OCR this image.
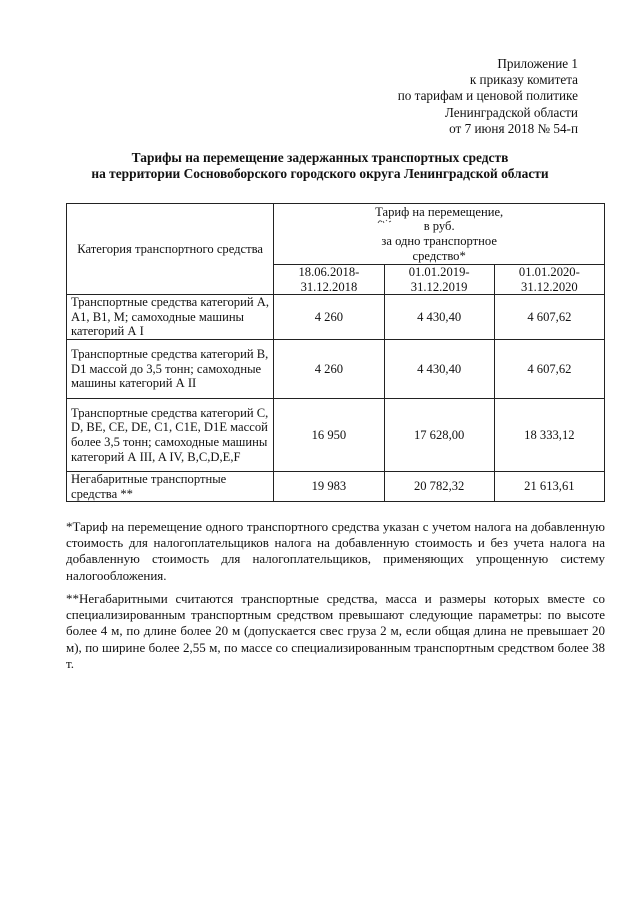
Приложение 1
к приказу комитета
по тарифам и ценовой политике
Ленинградской области
от 7 июня 2018 № 54-п
Тарифы на перемещение задержанных транспортных средств
на территории Сосновоборского городского округа Ленинградской области
Категория транспортного средства	Тариф на перемещение,
в руб.
за одно транспортное
средство*		

	18.06.2018-31.12.2018	01.01.2019-31.12.2019	01.01.2020-31.12.2020
Транспортные средства категорий A, A1, B1, M; самоходные машины категорий А I	4 260	4 430,40	4 607,62
Транспортные средства категорий B, D1 массой до 3,5 тонн; самоходные машины категорий А II	4 260	4 430,40	4 607,62
Транспортные средства категорий C, D, BE, CE, DE, C1, C1E, D1E массой более 3,5 тонн; самоходные машины категорий А III, A IV, B,C,D,E,F	16 950	17 628,00	18 333,12
Негабаритные транспортные средства **	19 983	20 782,32	21 613,61
*Тариф на перемещение одного транспортного средства указан с учетом налога на добавленную стоимость для налогоплательщиков налога на добавленную стоимость и без учета налога на добавленную стоимость для налогоплательщиков, применяющих упрощенную систему налогообложения.
**Негабаритными считаются транспортные средства, масса и размеры которых вместе со специализированным транспортным средством превышают следующие параметры: по высоте более 4 м, по длине более 20 м (допускается свес груза 2 м, если общая длина не превышает 20 м), по ширине более 2,55 м, по массе со специализированным транспортным средством более 38 т.
